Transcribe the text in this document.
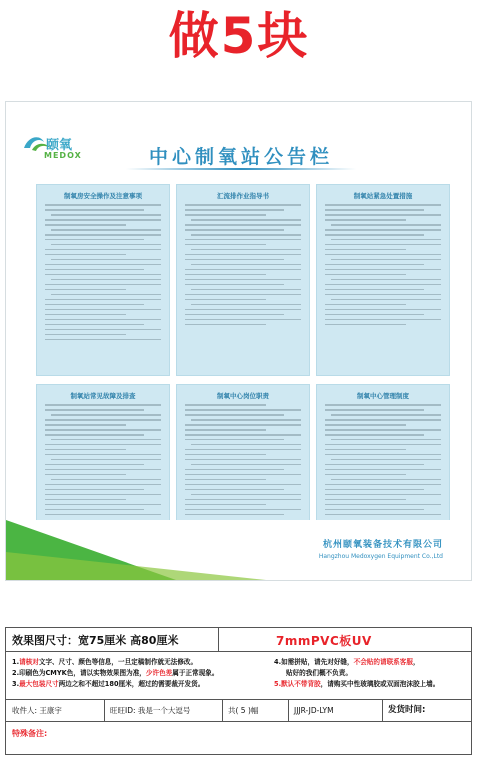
做5块
颐氧
MEDOX	中心制氧站公告栏
制氧房安全操作及注意事项	汇流排作业指导书	制氧站紧急处置措施
制氧站常见故障及排查	制氧中心岗位职责	制氧中心管理制度
杭州颐氧装备技术有限公司
Hangzhou Medoxygen Equipment Co.,Ltd
效果图尺寸：宽75厘米 高80厘米	7mmPVC板UV
1.请核对文字、尺寸、颜色等信息，一旦定稿制作就无法修改。
2.印刷色为CMYK色，请以实物效果图为准，少许色差属于正常现象。
3.最大包装尺寸两边之和不超过180厘米，超过的需要裁开发货。
4.如需拼贴，请先对好缝，不会贴的请联系客服，
贴好的我们概不负责。
5.默认不带背胶，请购买中性玻璃胶或双面泡沫胶上墙。
收件人: 王康宇	旺旺ID: 我是一个大逗号	共( 5 )幅	JJJR-JD-LYM	发货时间:
特殊备注:
